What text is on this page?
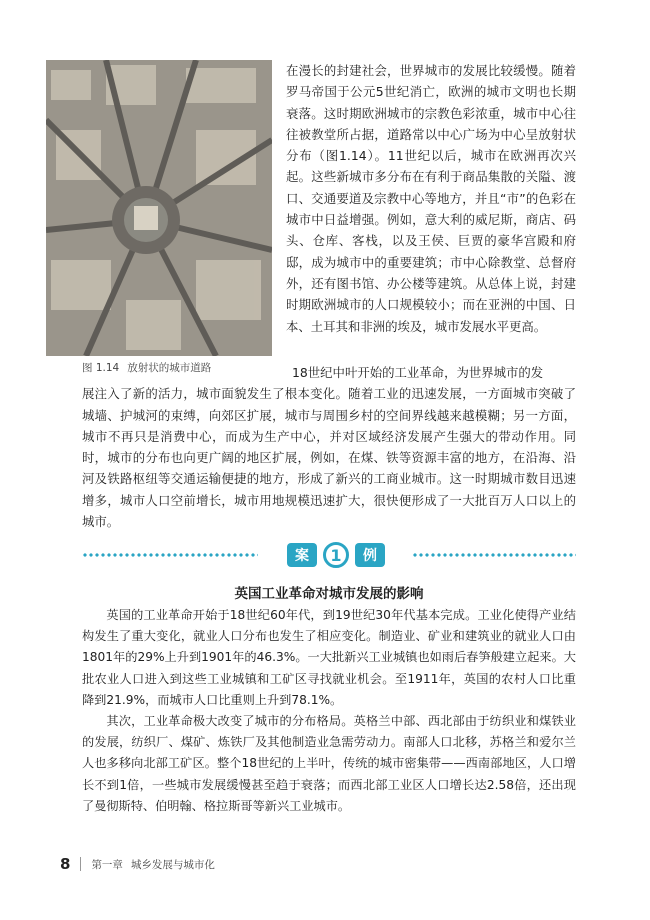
图 1.14 放射状的城市道路

在漫长的封建社会，世界城市的发展比较缓慢。随着罗马帝国于公元5世纪消亡，欧洲的城市文明也长期衰落。这时期欧洲城市的宗教色彩浓重，城市中心往往被教堂所占据，道路常以中心广场为中心呈放射状分布（图1.14）。11世纪以后，城市在欧洲再次兴起。这些新城市多分布在有利于商品集散的关隘、渡口、交通要道及宗教中心等地方，并且“市”的色彩在城市中日益增强。例如，意大利的威尼斯，商店、码头、仓库、客栈，以及王侯、巨贾的豪华宫殿和府邸，成为城市中的重要建筑；市中心除教堂、总督府外，还有图书馆、办公楼等建筑。从总体上说，封建时期欧洲城市的人口规模较小；而在亚洲的中国、日本、土耳其和非洲的埃及，城市发展水平更高。

18世纪中叶开始的工业革命，为世界城市的发
展注入了新的活力，城市面貌发生了根本变化。随着工业的迅速发展，一方面城市突破了城墙、护城河的束缚，向郊区扩展，城市与周围乡村的空间界线越来越模糊；另一方面，城市不再只是消费中心，而成为生产中心，并对区域经济发展产生强大的带动作用。同时，城市的分布也向更广阔的地区扩展，例如，在煤、铁等资源丰富的地方，在沿海、沿河及铁路枢纽等交通运输便捷的地方，形成了新兴的工商业城市。这一时期城市数目迅速增多，城市人口空前增长，城市用地规模迅速扩大，很快便形成了一大批百万人口以上的城市。

案	1	例
英国工业革命对城市发展的影响

英国的工业革命开始于18世纪60年代，到19世纪30年代基本完成。工业化使得产业结构发生了重大变化，就业人口分布也发生了相应变化。制造业、矿业和建筑业的就业人口由1801年的29%上升到1901年的46.3%。一大批新兴工业城镇也如雨后春笋般建立起来。大批农业人口进入到这些工业城镇和工矿区寻找就业机会。至1911年，英国的农村人口比重降到21.9%，而城市人口比重则上升到78.1%。

其次，工业革命极大改变了城市的分布格局。英格兰中部、西北部由于纺织业和煤铁业的发展，纺织厂、煤矿、炼铁厂及其他制造业急需劳动力。南部人口北移，苏格兰和爱尔兰人也多移向北部工矿区。整个18世纪的上半叶，传统的城市密集带——西南部地区，人口增长不到1倍，一些城市发展缓慢甚至趋于衰落；而西北部工业区人口增长达2.58倍，还出现了曼彻斯特、伯明翰、格拉斯哥等新兴工业城市。

8 第一章 城乡发展与城市化
